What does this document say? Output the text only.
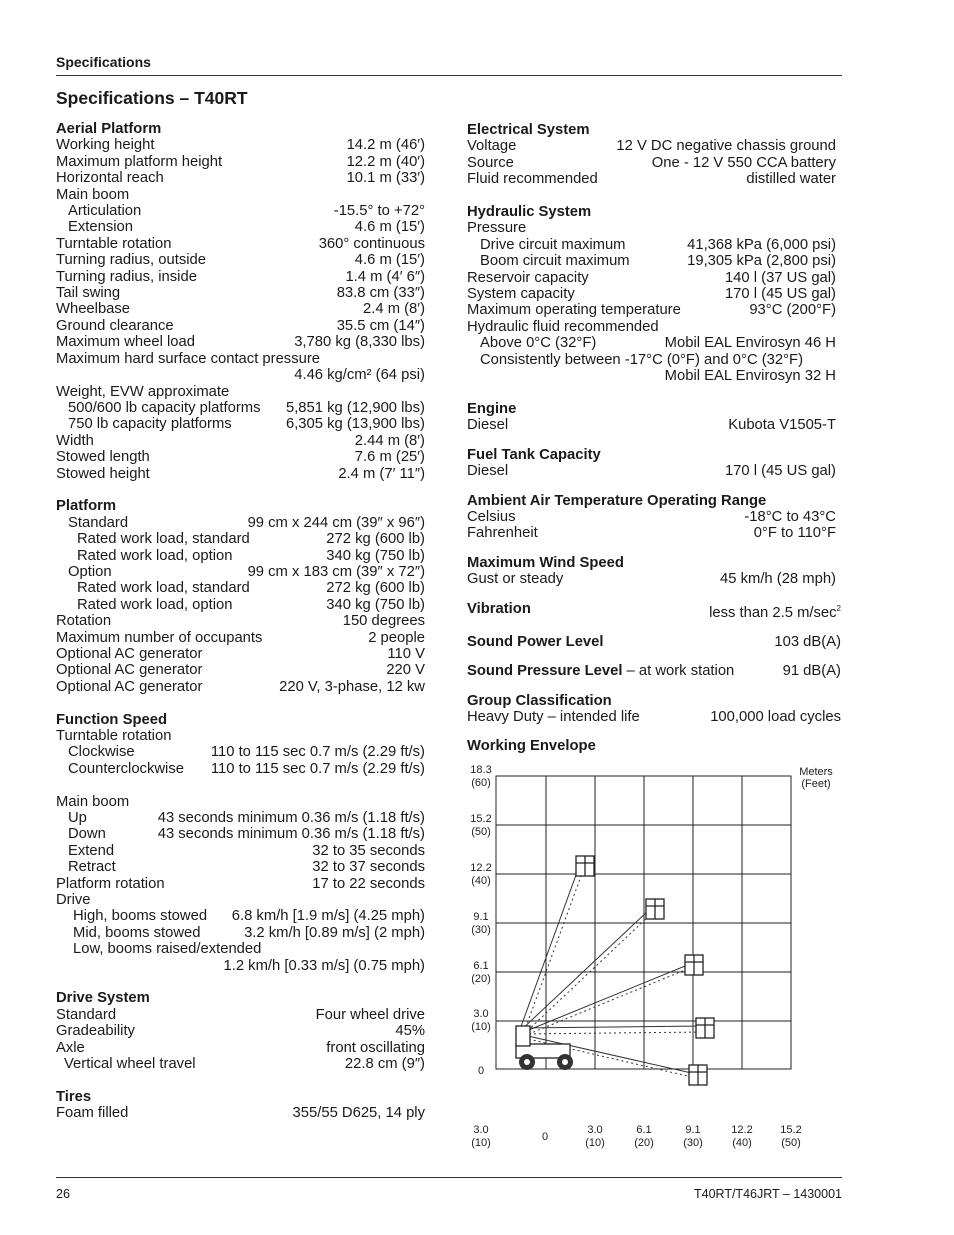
Specifications
Specifications – T40RT
Aerial Platform
Working height	14.2 m (46′)
Maximum platform height	12.2 m (40′)
Horizontal reach	10.1 m (33′)
Main boom
Articulation	-15.5° to +72°
Extension	4.6 m (15′)
Turntable rotation	360° continuous
Turning radius, outside	4.6 m (15′)
Turning radius, inside	1.4 m (4′ 6″)
Tail swing	83.8 cm (33″)
Wheelbase	2.4 m (8′)
Ground clearance	35.5 cm (14″)
Maximum wheel load	3,780 kg (8,330 lbs)
Maximum hard surface contact pressure
4.46 kg/cm² (64 psi)
Weight, EVW approximate
500/600 lb capacity platforms 5,851 kg (12,900 lbs)
750 lb capacity platforms	6,305 kg (13,900 lbs)
Width	2.44 m (8′)
Stowed length	7.6 m (25′)
Stowed height	2.4 m (7′ 11″)
Platform
Standard	99 cm x 244 cm (39″ x 96″)
Rated work load, standard	272 kg (600 lb)
Rated work load, option	340 kg (750 lb)
Option	99 cm x 183 cm (39″ x 72″)
Rated work load, standard	272 kg (600 lb)
Rated work load, option	340 kg (750 lb)
Rotation	150 degrees
Maximum number of occupants	2 people
Optional AC generator	110 V
Optional AC generator	220 V
Optional AC generator	220 V, 3-phase, 12 kw
Function Speed
Turntable rotation
Clockwise	110 to 115 sec 0.7 m/s (2.29 ft/s)
Counterclockwise 110 to 115 sec 0.7 m/s (2.29 ft/s)
Main boom
Up	43 seconds minimum 0.36 m/s (1.18 ft/s)
Down	43 seconds minimum 0.36 m/s (1.18 ft/s)
Extend	32 to 35 seconds
Retract	32 to 37 seconds
Platform rotation	17 to 22 seconds
Drive
High, booms stowed 6.8 km/h [1.9 m/s] (4.25 mph)
Mid, booms stowed	3.2 km/h [0.89 m/s] (2 mph)
Low, booms raised/extended
1.2 km/h [0.33 m/s] (0.75 mph)
Drive System
Standard	Four wheel drive
Gradeability	45%
Axle	front oscillating
Vertical wheel travel	22.8 cm (9″)
Tires
Foam filled	355/55 D625, 14 ply
Electrical System
Voltage	12 V DC negative chassis ground
Source	One - 12 V 550 CCA battery
Fluid recommended	distilled water
Hydraulic System
Pressure
Drive circuit maximum	41,368 kPa (6,000 psi)
Boom circuit maximum	19,305 kPa (2,800 psi)
Reservoir capacity	140 l (37 US gal)
System capacity	170 l (45 US gal)
Maximum operating temperature	93°C (200°F)
Hydraulic fluid recommended
Above 0°C (32°F)	Mobil EAL Envirosyn 46 H
Consistently between -17°C (0°F) and 0°C (32°F)
Mobil EAL Envirosyn 32 H
Engine
Diesel	Kubota V1505-T
Fuel Tank Capacity
Diesel	170 l (45 US gal)
Ambient Air Temperature Operating Range
Celsius	-18°C to 43°C
Fahrenheit	0°F to 110°F
Maximum Wind Speed
Gust or steady	45 km/h (28 mph)
Vibration	less than 2.5 $m/\sec^2$
Sound Power Level	103 dB(A)
Sound Pressure Level – at work station	91 dB(A)
Group Classification
Heavy Duty – intended life	100,000 load cycles
Working Envelope
18.3
(60)
15.2
(50)
12.2
(40)
9.1
(30)
6.1
(20)
3.0
(10)
0
Meters
(Feet)
3.0
(10)	0
3.0
(10)
6.1
(20)
9.1
(30)
12.2
(40)
15.2
(50)
26	T40RT/T46JRT – 1430001
